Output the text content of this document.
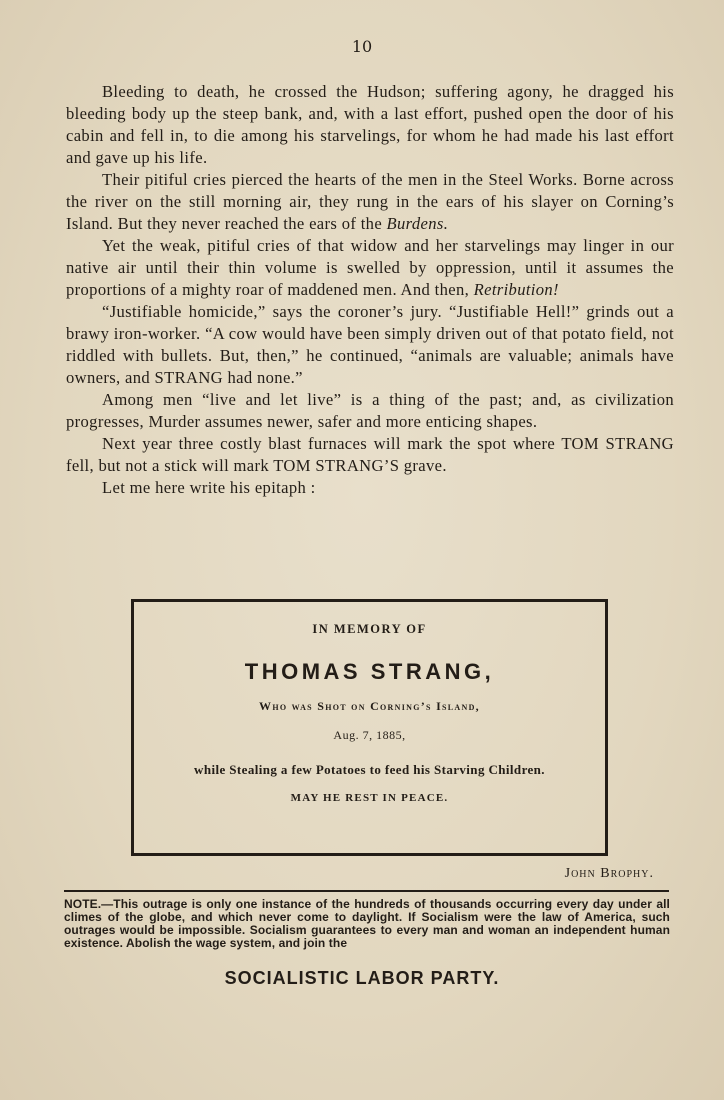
10

Bleeding to death, he crossed the Hudson; suffering agony, he dragged his bleeding body up the steep bank, and, with a last effort, pushed open the door of his cabin and fell in, to die among his starvelings, for whom he had made his last effort and gave up his life.

Their pitiful cries pierced the hearts of the men in the Steel Works. Borne across the river on the still morning air, they rung in the ears of his slayer on Corning’s Island. But they never reached the ears of the Burdens.

Yet the weak, pitiful cries of that widow and her starvelings may linger in our native air until their thin volume is swelled by oppression, until it assumes the proportions of a mighty roar of maddened men. And then, Retribution!

“Justifiable homicide,” says the coroner’s jury. “Justifiable Hell!” grinds out a brawy iron-worker. “A cow would have been simply driven out of that potato field, not riddled with bullets. But, then,” he continued, “animals are valuable; animals have owners, and STRANG had none.”

Among men “live and let live” is a thing of the past; and, as civilization progresses, Murder assumes newer, safer and more enticing shapes.

Next year three costly blast furnaces will mark the spot where TOM STRANG fell, but not a stick will mark TOM STRANG’S grave.

Let me here write his epitaph :

IN MEMORY OF
THOMAS STRANG,
Who was Shot on Corning’s Island,
Aug. 7, 1885,
while Stealing a few Potatoes to feed his Starving Children.
MAY HE REST IN PEACE.
John Brophy.
NOTE.—This outrage is only one instance of the hundreds of thousands occurring every day under all climes of the globe, and which never come to daylight. If Socialism were the law of America, such outrages would be impossible. Socialism guarantees to every man and woman an independent human existence. Abolish the wage system, and join the
SOCIALISTIC LABOR PARTY.
